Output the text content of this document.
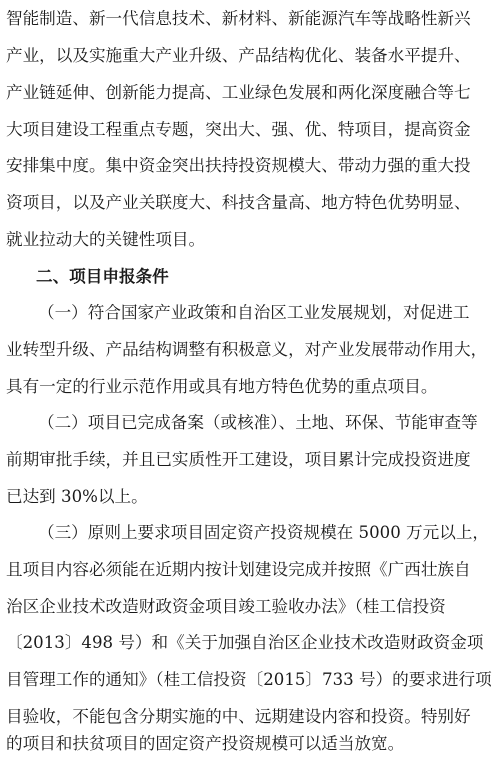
智能制造、新一代信息技术、新材料、新能源汽车等战略性新兴
产业，以及实施重大产业升级、产品结构优化、装备水平提升、
产业链延伸、创新能力提高、工业绿色发展和两化深度融合等七
大项目建设工程重点专题，突出大、强、优、特项目，提高资金
安排集中度。集中资金突出扶持投资规模大、带动力强的重大投
资项目，以及产业关联度大、科技含量高、地方特色优势明显、
就业拉动大的关键性项目。
二、项目申报条件
（一）符合国家产业政策和自治区工业发展规划，对促进工
业转型升级、产品结构调整有积极意义，对产业发展带动作用大，
具有一定的行业示范作用或具有地方特色优势的重点项目。
（二）项目已完成备案（或核准）、土地、环保、节能审查等
前期审批手续，并且已实质性开工建设，项目累计完成投资进度
已达到 30%以上。
（三）原则上要求项目固定资产投资规模在 5000 万元以上，
且项目内容必须能在近期内按计划建设完成并按照《广西壮族自
治区企业技术改造财政资金项目竣工验收办法》（桂工信投资
〔2013〕498 号）和《关于加强自治区企业技术改造财政资金项
目管理工作的通知》（桂工信投资〔2015〕733 号）的要求进行项
目验收，不能包含分期实施的中、远期建设内容和投资。特别好
的项目和扶贫项目的固定资产投资规模可以适当放宽。
